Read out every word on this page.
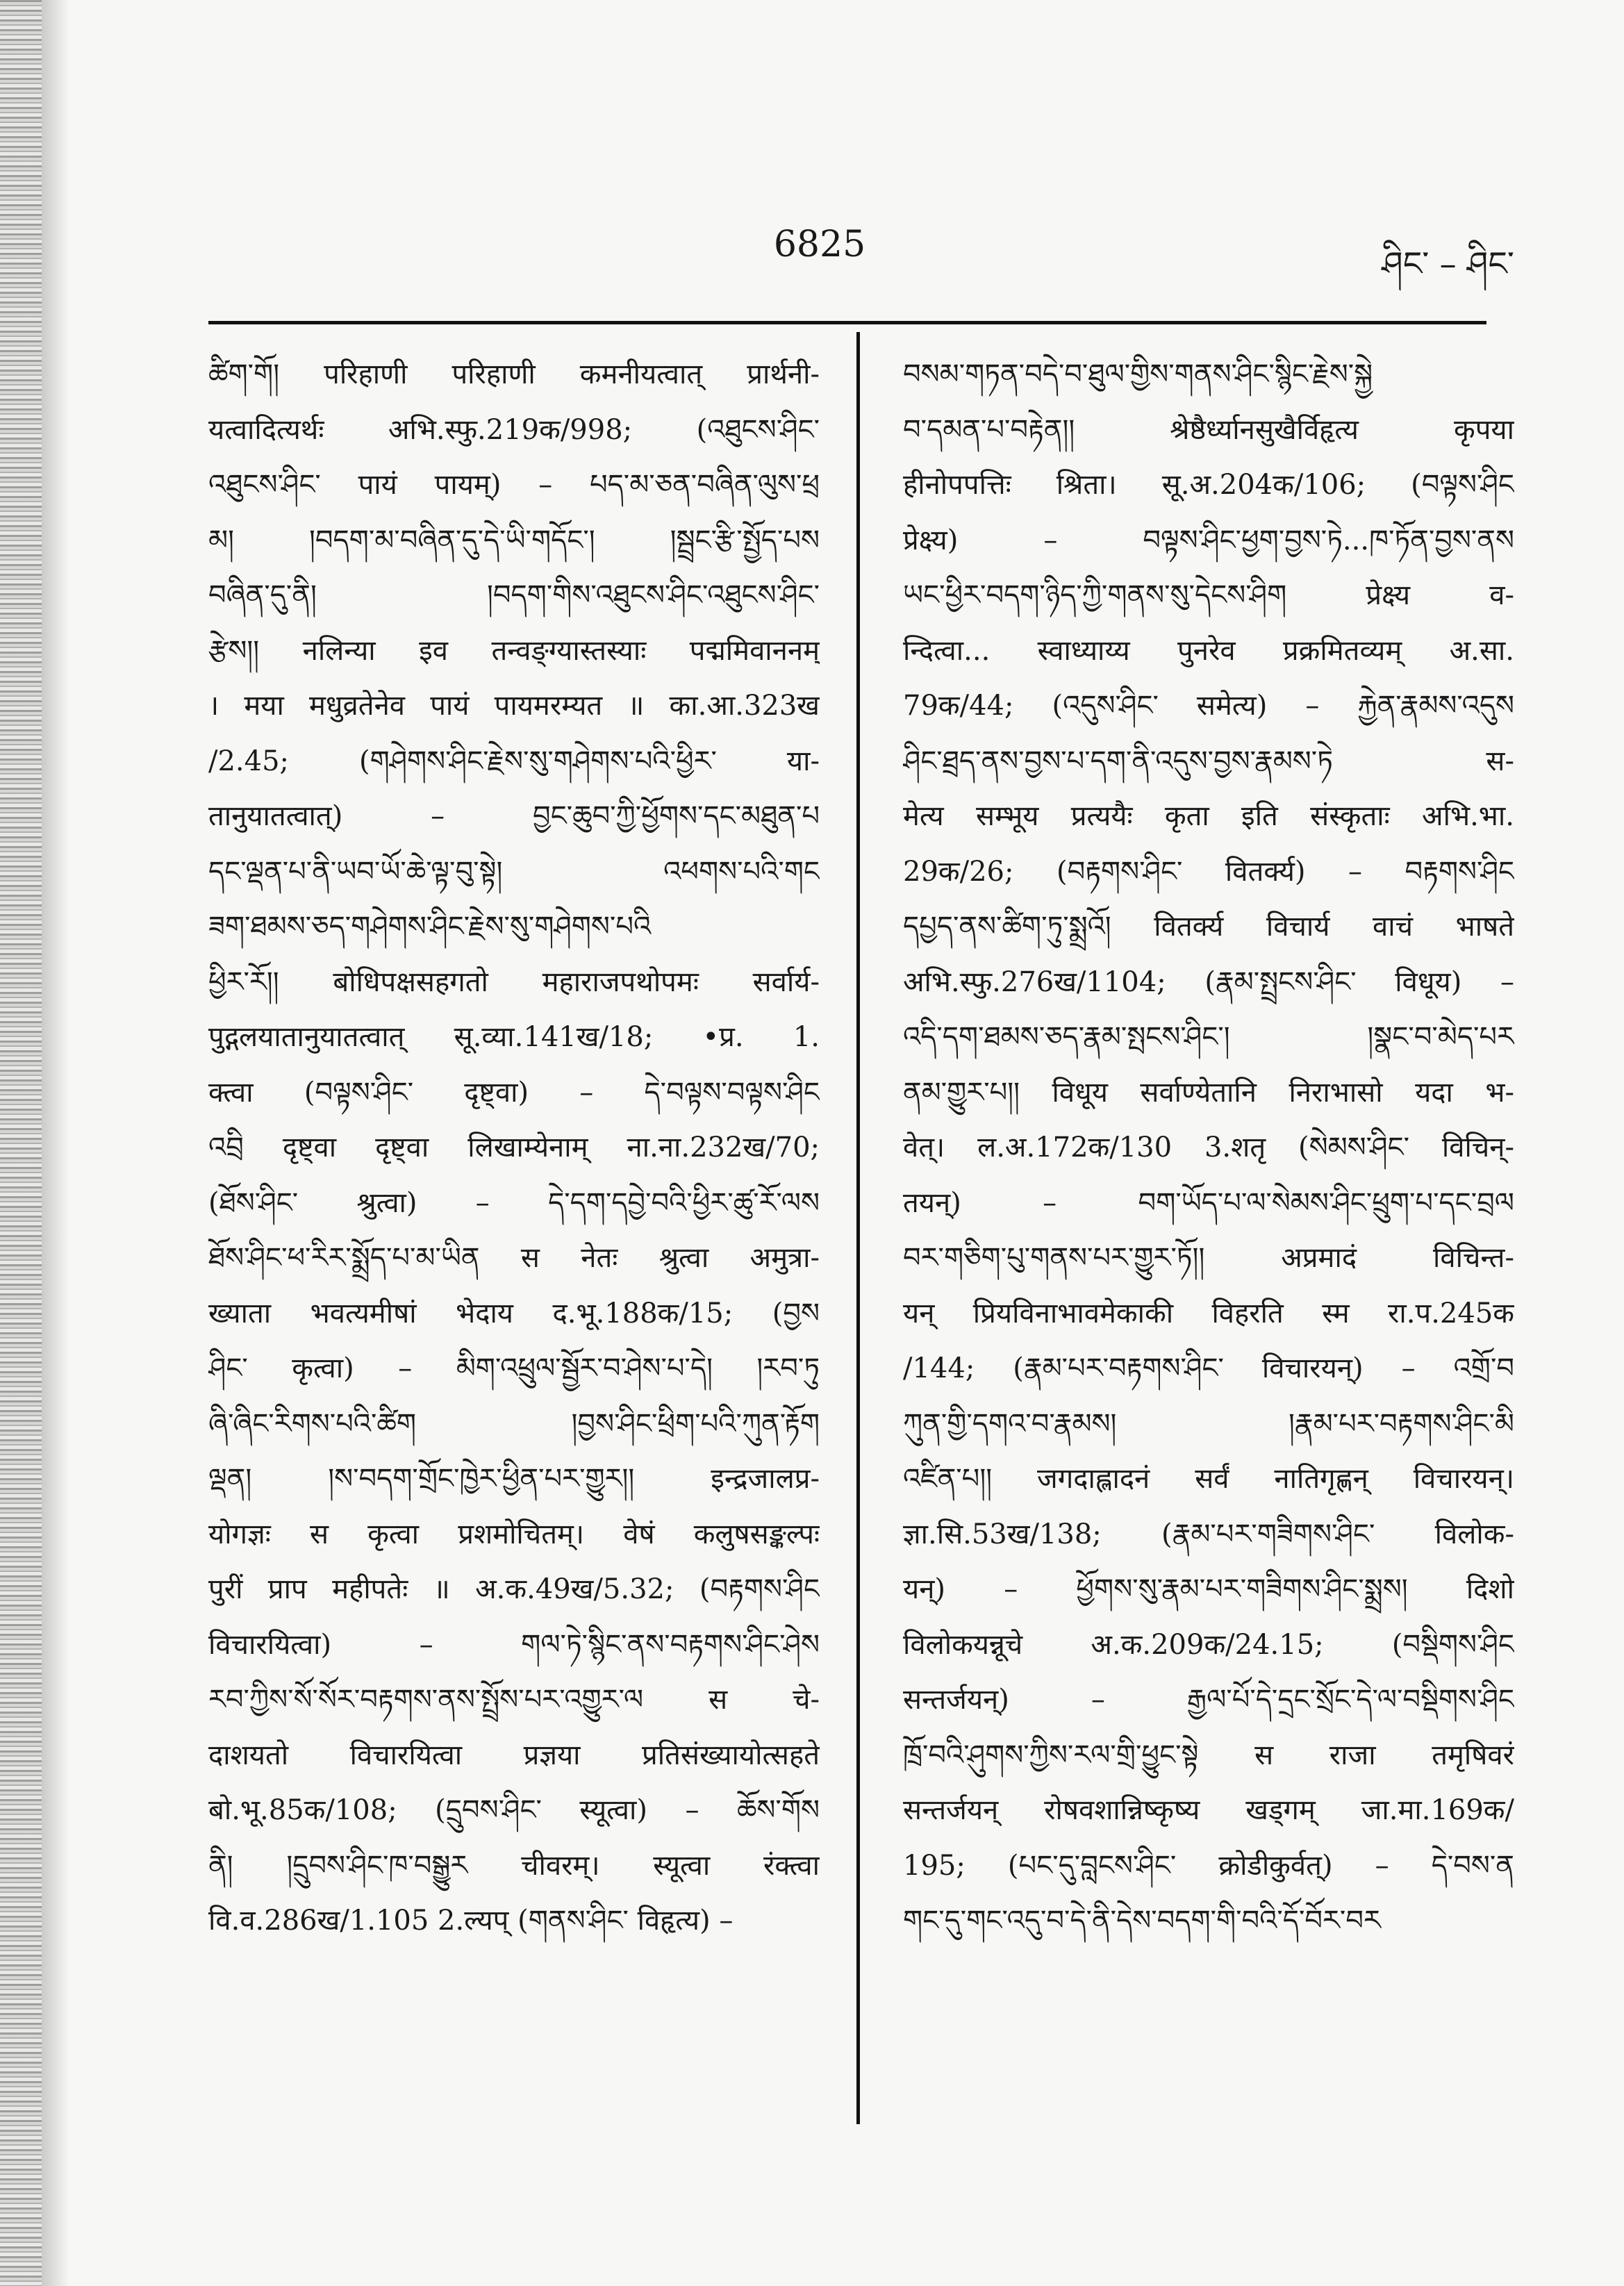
6825	ཤིང་ – ཤིང་
ཚིག་གོ། परिहाणी परिहाणी कमनीयत्वात् प्रार्थनी-
यत्वादित्यर्थः अभि.स्फु.219क/998; (འཐུངས་ཤིང་
འཐུངས་ཤིང་ पायं पायम्) – པད་མ་ཅན་བཞིན་ལུས་ཕྲ
མ། །བདག་མ་བཞིན་དུ་དེ་ཡི་གདོང་། །སྦྲང་རྩི་སྤྱོད་པས
བཞིན་དུ་ནི། །བདག་གིས་འཐུངས་ཤིང་འཐུངས་ཤིང་
རྩེས།། नलिन्या इव तन्वङ्ग्यास्तस्याः पद्ममिवाननम्
। मया मधुव्रतेनेव पायं पायमरम्यत ॥ का.आ.323ख
/2.45; (གཤེགས་ཤིང་རྗེས་སུ་གཤེགས་པའི་ཕྱིར་ या-
तानुयातत्वात्) – བྱང་ཆུབ་ཀྱི་ཕྱོགས་དང་མཐུན་པ
དང་ལྡན་པ་ནི་ཡབ་ཡོ་ཆེ་ལྟ་བུ་སྟེ། འཕགས་པའི་གང
ཟག་ཐམས་ཅད་གཤེགས་ཤིང་རྗེས་སུ་གཤེགས་པའི
ཕྱིར་རོ།། बोधिपक्षसहगतो महाराजपथोपमः सर्वार्य-
पुद्गलयातानुयातत्वात् सू.व्या.141ख/18; •प्र. 1.
क्त्वा (བལྟས་ཤིང་ दृष्ट्वा) – དེ་བལྟས་བལྟས་ཤིང
འབྲི दृष्ट्वा दृष्ट्वा लिखाम्येनाम् ना.ना.232ख/70;
(ཐོས་ཤིང་ श्रुत्वा) – དེ་དག་དབྱེ་བའི་ཕྱིར་ཚུ་རོ་ལས
ཐོས་ཤིང་ཕ་རིར་སྨྲོད་པ་མ་ཡིན स नेतः श्रुत्वा अमुत्रा-
ख्याता भवत्यमीषां भेदाय द.भू.188क/15; (བྱས
ཤིང་ कृत्वा) – མིག་འཕྲུལ་སྦྱོར་བ་ཤེས་པ་དེ། །རབ་ཏུ
ཞི་ཞིང་རིགས་པའི་ཚིག །བྱས་ཤིང་ཕྲིག་པའི་ཀུན་རྟོག
ལྡན། །ས་བདག་གྲོང་ཁྱེར་ཕྱིན་པར་གྱུར།། इन्द्रजालप्र-
योगज्ञः स कृत्वा प्रशमोचितम्। वेषं कलुषसङ्कल्पः
पुरीं प्राप महीपतेः ॥ अ.क.49ख/5.32; (བརྟགས་ཤིང
विचारयित्वा) – གལ་ཏེ་སྙིང་ནས་བརྟགས་ཤིང་ཤེས
རབ་ཀྱིས་སོ་སོར་བརྟགས་ནས་སྤྲོས་པར་འགྱུར་ལ स चे-
दाशयतो विचारयित्वा प्रज्ञया प्रतिसंख्यायोत्सहते
बो.भू.85क/108; (དྲུབས་ཤིང་ स्यूत्वा) – ཆོས་གོས
ནི། །དྲུབས་ཤིང་ཁ་བསྒྱུར चीवरम्। स्यूत्वा रंक्त्वा
वि.व.286ख/1.105 2.ल्यप् (གནས་ཤིང་ विहृत्य) –
བསམ་གཏན་བདེ་བ་ཐུལ་གྱིས་གནས་ཤིང་སྙིང་རྗེས་སྐྱེ
བ་དམན་པ་བརྟེན།། श्रेष्ठैर्ध्यानसुखैर्विहृत्य कृपया
हीनोपपत्तिः श्रिता। सू.अ.204क/106; (བལྟས་ཤིང
प्रेक्ष्य) – བལྟས་ཤིང་ཕྱག་བྱས་ཏེ...ཁ་ཏོན་བྱས་ནས
ཡང་ཕྱིར་བདག་ཉིད་ཀྱི་གནས་སུ་དེངས་ཤིག प्रेक्ष्य व-
न्दित्वा... स्वाध्याय्य पुनरेव प्रक्रमितव्यम् अ.सा.
79क/44; (འདུས་ཤིང་ समेत्य) – རྐྱེན་རྣམས་འདུས
ཤིང་ཐྲད་ནས་བྱས་པ་དག་ནི་འདུས་བྱས་རྣམས་ཏེ स-
मेत्य सम्भूय प्रत्ययैः कृता इति संस्कृताः अभि.भा.
29क/26; (བརྟགས་ཤིང་ वितर्क्य) – བརྟགས་ཤིང
དཔྱད་ནས་ཚིག་ཏུ་སྨྲའོ། वितर्क्य विचार्य वाचं भाषते
अभि.स्फु.276ख/1104; (རྣམ་སྤྲངས་ཤིང་ विधूय) –
འདི་དག་ཐམས་ཅད་རྣམ་སྤངས་ཤིང་། །སྣང་བ་མེད་པར
ནམ་གྱུར་པ།། विधूय सर्वाण्येतानि निराभासो यदा भ-
वेत्। ल.अ.172क/130 3.शतृ (སེམས་ཤིང་ विचिन्-
तयन्) – བག་ཡོད་པ་ལ་སེམས་ཤིང་ཕྲུག་པ་དང་བྲལ
བར་གཅིག་པུ་གནས་པར་གྱུར་ཏོ།། अप्रमादं विचिन्त-
यन् प्रियविनाभावमेकाकी विहरति स्म रा.प.245क
/144; (རྣམ་པར་བརྟགས་ཤིང་ विचारयन्) – འགྲོ་བ
ཀུན་གྱི་དགའ་བ་རྣམས། །རྣམ་པར་བརྟགས་ཤིང་མི
འཛིན་པ།། जगदाह्लादनं सर्वं नातिगृह्णन् विचारयन्।
ज्ञा.सि.53ख/138; (རྣམ་པར་གཟིགས་ཤིང་ विलोक-
यन्) – ཕྱོགས་སུ་རྣམ་པར་གཟིགས་ཤིང་སྨྲས། दिशो
विलोकयन्नूचे अ.क.209क/24.15; (བསྡིགས་ཤིང
सन्तर्जयन्) – རྒྱལ་པོ་དེ་དྲང་སྲོང་དེ་ལ་བསྡིགས་ཤིང
ཁྲོ་བའི་ཤུགས་ཀྱིས་རལ་གྲི་ཕྱུང་སྟེ स राजा तमृषिवरं
सन्तर्जयन् रोषवशान्निष्कृष्य खड्गम् जा.मा.169क/
195; (པང་དུ་བླངས་ཤིང་ क्रोडीकुर्वत्) – དེ་བས་ན
གང་དུ་གང་འདུ་བ་དེ་ནི་དེས་བདག་གི་བའི་དོ་བོར་བར
